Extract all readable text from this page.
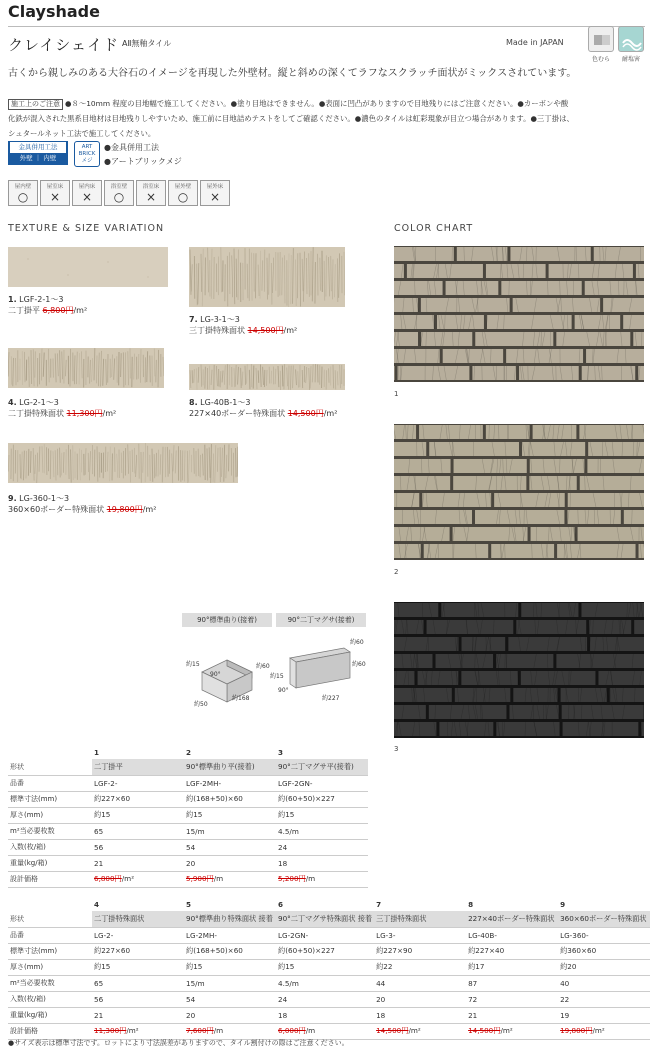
Clayshade
クレイシェイド AⅡ無釉タイル	Made in JAPAN
色むら	耐塩害
古くから親しみのある大谷石のイメージを再現した外壁材。縦と斜めの深くてラフなスクラッチ面状がミックスされています。
施工上のご注意 ●８～10mm 程度の目地幅で施工してください。●塗り目地はできません。●表面に凹凸がありますので目地残りにはご注意ください。●カーボンや酸
化鉄が混入された黒系目地材は目地残りしやすいため、施工前に目地詰めテストをしてご確認ください。●濃色のタイルは虹彩現象が目立つ場合があります。●三丁掛は、
シュタールネット工法で施工してください。
金具併用工法
外壁 ｜ 内壁
ART
BRICK
メジ
●金具併用工法
●アートブリックメジ
屋内壁
○
屋室床
×
屋内床
×
浴室壁
○
浴室床
×
屋外壁
○
屋外床
×
TEXTURE & SIZE VARIATION	COLOR CHART
1. LGF-2-1～3
二丁掛平 6,800円/m²
7. LG-3-1～3
三丁掛特殊面状 14,500円/m²
4. LG-2-1～3
二丁掛特殊面状 11,300円/m²
8. LG-40B-1～3
227×40ボーダー特殊面状 14,500円/m²
9. LG-360-1～3
360×60ボーダー特殊面状 19,800円/m²
1
2
3
90°標準曲り(接着)	90°二丁マグサ(接着)
約15	約60
90°
約50
約168
約60
約60
約15
90°
約227
	1	2	3
形状	二丁掛平	90°標準曲り平(接着)	90°二丁マグサ平(接着)
品番	LGF-2-	LGF-2MH-	LGF-2GN-
標準寸法(mm)	約227×60	約(168+50)×60	約(60+50)×227
厚さ(mm)	約15	約15	約15
m²当必要枚数	65	15/m	4.5/m
入数(枚/箱)	56	54	24
重量(kg/箱)	21	20	18
設計価格	6,800円/m²	5,900円/m	5,200円/m
	4	5	6	7	8	9
形状	二丁掛特殊面状	90°標準曲り特殊面状 接着	90°二丁マグサ特殊面状 接着	三丁掛特殊面状	227×40ボーダー特殊面状	360×60ボーダー特殊面状
品番	LG-2-	LG-2MH-	LG-2GN-	LG-3-	LG-40B-	LG-360-
標準寸法(mm)	約227×60	約(168+50)×60	約(60+50)×227	約227×90	約227×40	約360×60
厚さ(mm)	約15	約15	約15	約22	約17	約20
m²当必要枚数	65	15/m	4.5/m	44	87	40
入数(枚/箱)	56	54	24	20	72	22
重量(kg/箱)	21	20	18	18	21	19
設計価格	11,300円/m²	7,600円/m	6,000円/m	14,500円/m²	14,500円/m²	19,800円/m²
●サイズ表示は標準寸法です。ロットにより寸法誤差がありますので、タイル割付けの際はご注意ください。
